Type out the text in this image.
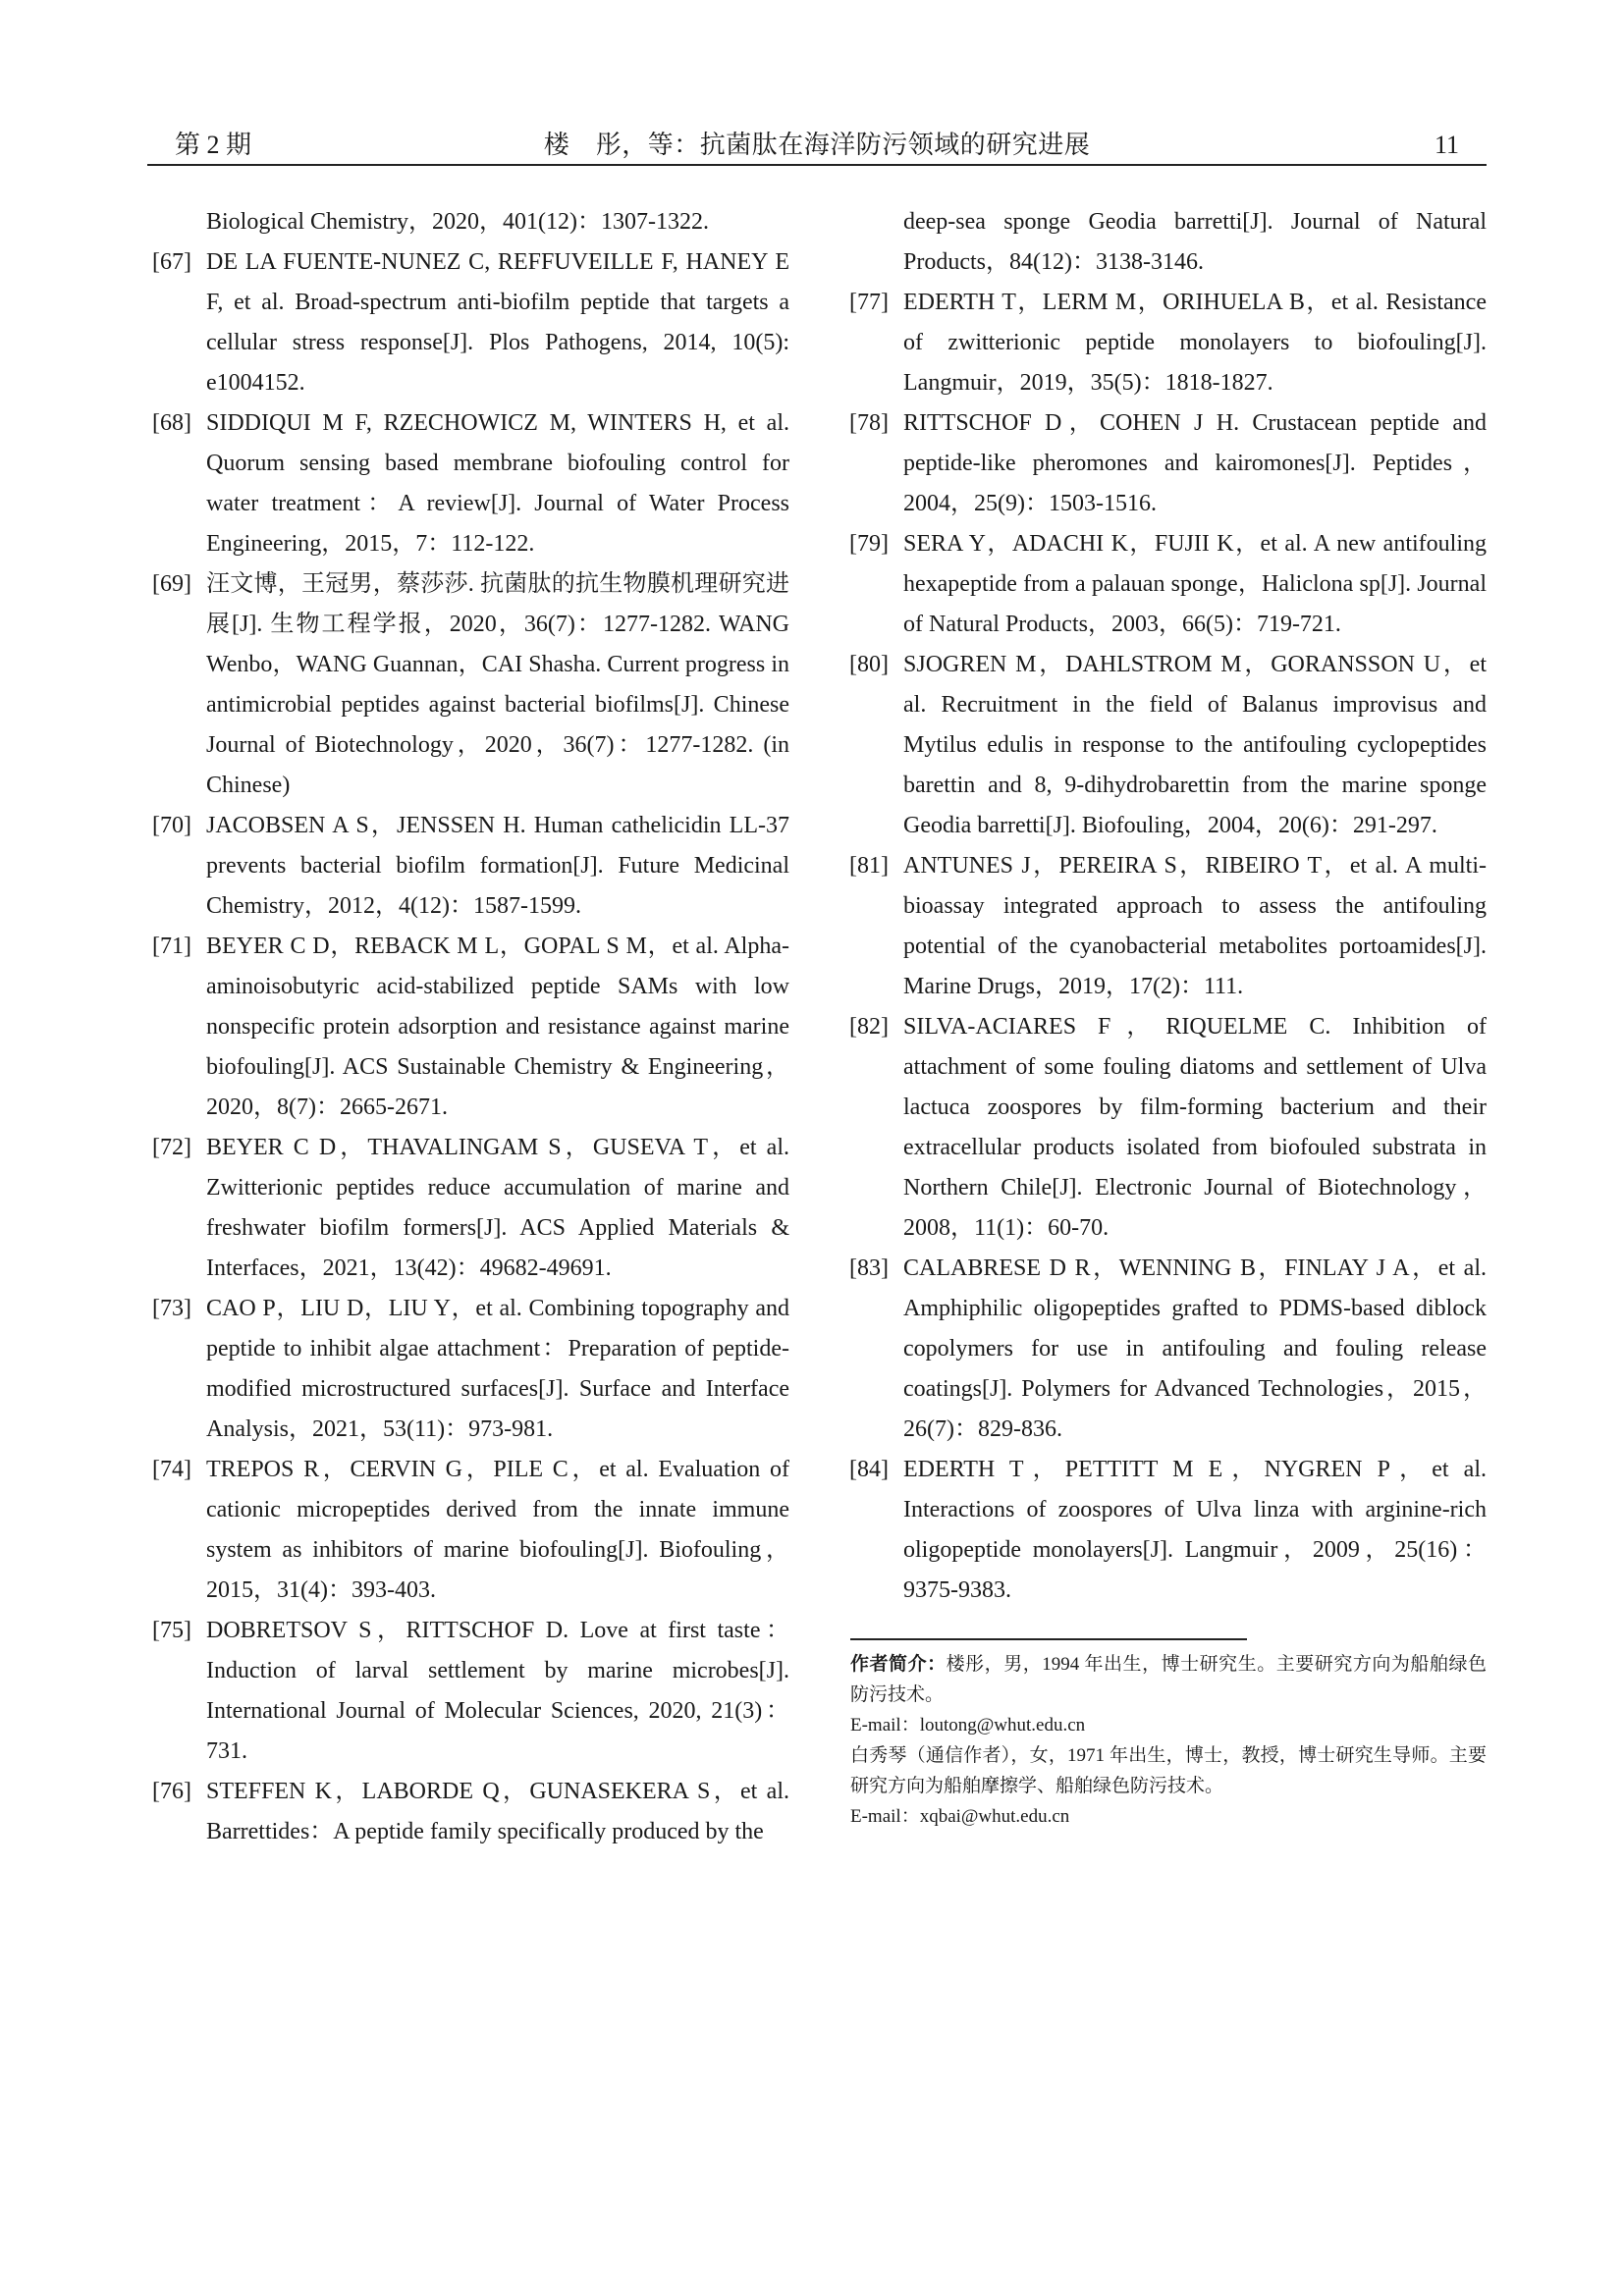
第 2 期	楼　彤，等：抗菌肽在海洋防污领域的研究进展	11
Biological Chemistry，2020，401(12)：1307-1322.
[67] DE LA FUENTE-NUNEZ C, REFFUVEILLE F, HANEY E F, et al. Broad-spectrum anti-biofilm peptide that targets a cellular stress response[J]. Plos Pathogens, 2014, 10(5): e1004152.
[68] SIDDIQUI M F, RZECHOWICZ M, WINTERS H, et al. Quorum sensing based membrane biofouling control for water treatment：A review[J]. Journal of Water Process Engineering，2015，7：112-122.
[69] 汪文博，王冠男，蔡莎莎. 抗菌肽的抗生物膜机理研究进展[J]. 生物工程学报，2020，36(7)：1277-1282. WANG Wenbo，WANG Guannan，CAI Shasha. Current progress in antimicrobial peptides against bacterial biofilms[J]. Chinese Journal of Biotechnology，2020，36(7)：1277-1282. (in Chinese)
[70] JACOBSEN A S，JENSSEN H. Human cathelicidin LL-37 prevents bacterial biofilm formation[J]. Future Medicinal Chemistry，2012，4(12)：1587-1599.
[71] BEYER C D，REBACK M L，GOPAL S M，et al. Alpha-aminoisobutyric acid-stabilized peptide SAMs with low nonspecific protein adsorption and resistance against marine biofouling[J]. ACS Sustainable Chemistry & Engineering，2020，8(7)：2665-2671.
[72] BEYER C D，THAVALINGAM S，GUSEVA T，et al. Zwitterionic peptides reduce accumulation of marine and freshwater biofilm formers[J]. ACS Applied Materials & Interfaces，2021，13(42)：49682-49691.
[73] CAO P，LIU D，LIU Y，et al. Combining topography and peptide to inhibit algae attachment：Preparation of peptide-modified microstructured surfaces[J]. Surface and Interface Analysis，2021，53(11)：973-981.
[74] TREPOS R，CERVIN G，PILE C，et al. Evaluation of cationic micropeptides derived from the innate immune system as inhibitors of marine biofouling[J]. Biofouling，2015，31(4)：393-403.
[75] DOBRETSOV S，RITTSCHOF D. Love at first taste：Induction of larval settlement by marine microbes[J]. International Journal of Molecular Sciences, 2020, 21(3)：731.
[76] STEFFEN K，LABORDE Q，GUNASEKERA S，et al. Barrettides：A peptide family specifically produced by the
deep-sea sponge Geodia barretti[J]. Journal of Natural Products，84(12)：3138-3146.
[77] EDERTH T，LERM M，ORIHUELA B，et al. Resistance of zwitterionic peptide monolayers to biofouling[J]. Langmuir，2019，35(5)：1818-1827.
[78] RITTSCHOF D，COHEN J H. Crustacean peptide and peptide-like pheromones and kairomones[J]. Peptides，2004，25(9)：1503-1516.
[79] SERA Y，ADACHI K，FUJII K，et al. A new antifouling hexapeptide from a palauan sponge，Haliclona sp[J]. Journal of Natural Products，2003，66(5)：719-721.
[80] SJOGREN M，DAHLSTROM M，GORANSSON U，et al. Recruitment in the field of Balanus improvisus and Mytilus edulis in response to the antifouling cyclopeptides barettin and 8, 9-dihydrobarettin from the marine sponge Geodia barretti[J]. Biofouling，2004，20(6)：291-297.
[81] ANTUNES J，PEREIRA S，RIBEIRO T，et al. A multi-bioassay integrated approach to assess the antifouling potential of the cyanobacterial metabolites portoamides[J]. Marine Drugs，2019，17(2)：111.
[82] SILVA-ACIARES F，RIQUELME C. Inhibition of attachment of some fouling diatoms and settlement of Ulva lactuca zoospores by film-forming bacterium and their extracellular products isolated from biofouled substrata in Northern Chile[J]. Electronic Journal of Biotechnology，2008，11(1)：60-70.
[83] CALABRESE D R，WENNING B，FINLAY J A，et al. Amphiphilic oligopeptides grafted to PDMS-based diblock copolymers for use in antifouling and fouling release coatings[J]. Polymers for Advanced Technologies，2015，26(7)：829-836.
[84] EDERTH T，PETTITT M E，NYGREN P，et al. Interactions of zoospores of Ulva linza with arginine-rich oligopeptide monolayers[J]. Langmuir，2009，25(16)：9375-9383.
作者简介：楼彤，男，1994 年出生，博士研究生。主要研究方向为船舶绿色防污技术。
E-mail：loutong@whut.edu.cn
白秀琴（通信作者），女，1971 年出生，博士，教授，博士研究生导师。主要研究方向为船舶摩擦学、船舶绿色防污技术。
E-mail：xqbai@whut.edu.cn
